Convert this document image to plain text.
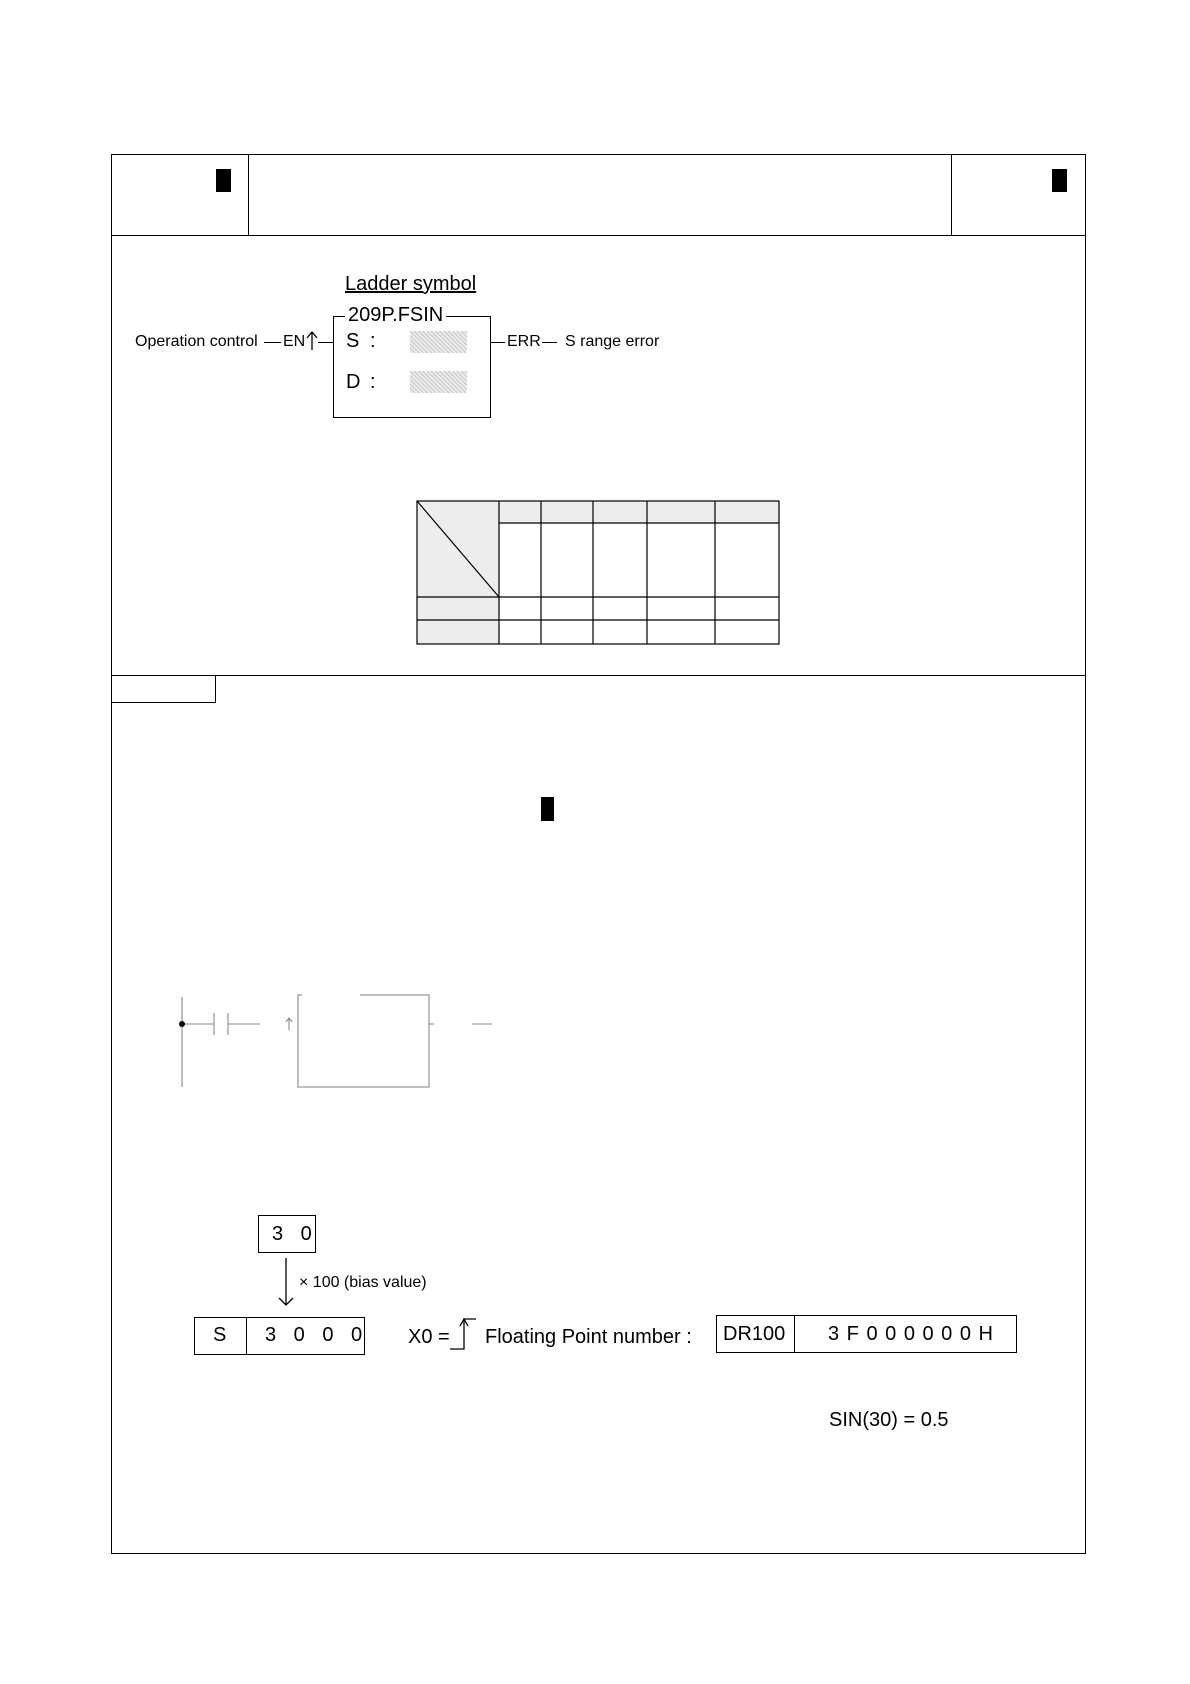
Ladder symbol
209P.FSIN
Operation control EN S :
D :
ERR S range error
3 0
× 100 (bias value)
S 3 0 0 0 X0 = Floating Point number : DR100 3 F 0 0 0 0 0 0 H
SIN(30) = 0.5
